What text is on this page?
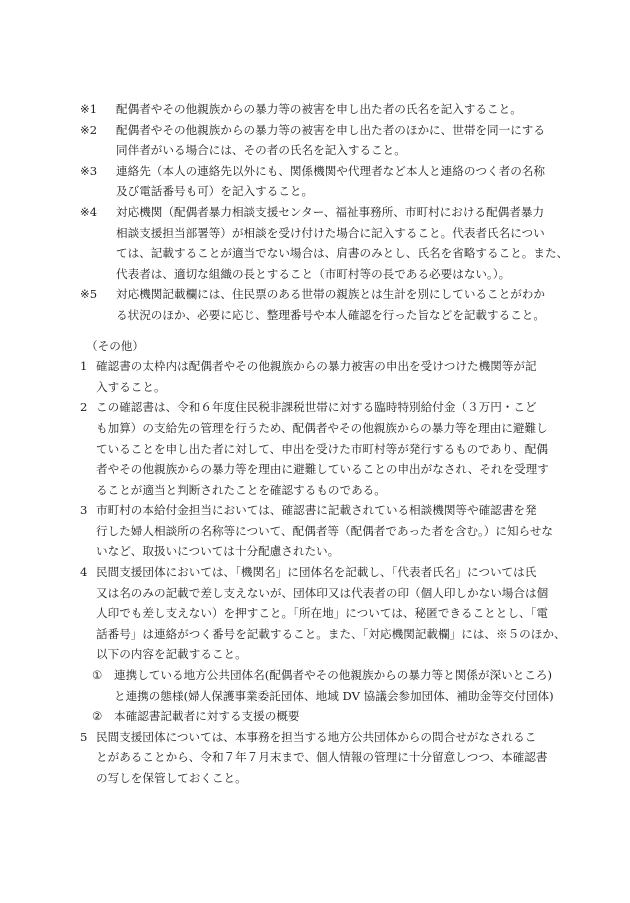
※1	配偶者やその他親族からの暴力等の被害を申し出た者の氏名を記入すること。
※2	配偶者やその他親族からの暴力等の被害を申し出た者のほかに、世帯を同一にする
同伴者がいる場合には、その者の氏名を記入すること。
※3	連絡先（本人の連絡先以外にも、関係機関や代理者など本人と連絡のつく者の名称
及び電話番号も可）を記入すること。
※4	対応機関（配偶者暴力相談支援センター、福祉事務所、市町村における配偶者暴力
相談支援担当部署等）が相談を受け付けた場合に記入すること。代表者氏名につい
ては、記載することが適当でない場合は、肩書のみとし、氏名を省略すること。また、
代表者は、適切な組織の長とすること（市町村等の長である必要はない。）。
※5	対応機関記載欄には、住民票のある世帯の親族とは生計を別にしていることがわか
る状況のほか、必要に応じ、整理番号や本人確認を行った旨などを記載すること。
（その他）
1 確認書の太枠内は配偶者やその他親族からの暴力被害の申出を受けつけた機関等が記
入すること。
2 この確認書は、令和６年度住民税非課税世帯に対する臨時特別給付金（３万円・こど
も加算）の支給先の管理を行うため、配偶者やその他親族からの暴力等を理由に避難し
ていることを申し出た者に対して、申出を受けた市町村等が発行するものであり、配偶
者やその他親族からの暴力等を理由に避難していることの申出がなされ、それを受理す
ることが適当と判断されたことを確認するものである。
3 市町村の本給付金担当においては、確認書に記載されている相談機関等や確認書を発
行した婦人相談所の名称等について、配偶者等（配偶者であった者を含む。）に知らせな
いなど、取扱いについては十分配慮されたい。
4 民間支援団体においては、「機関名」に団体名を記載し、「代表者氏名」については氏
又は名のみの記載で差し支えないが、団体印又は代表者の印（個人印しかない場合は個
人印でも差し支えない）を押すこと。「所在地」については、秘匿できることとし、「電
話番号」は連絡がつく番号を記載すること。また、「対応機関記載欄」には、※５のほか、
以下の内容を記載すること。
① 連携している地方公共団体名(配偶者やその他親族からの暴力等と関係が深いところ)
と連携の態様(婦人保護事業委託団体、地域 DV 協議会参加団体、補助金等交付団体)
② 本確認書記載者に対する支援の概要
5 民間支援団体については、本事務を担当する地方公共団体からの問合せがなされるこ
とがあることから、令和７年７月末まで、個人情報の管理に十分留意しつつ、本確認書
の写しを保管しておくこと。
